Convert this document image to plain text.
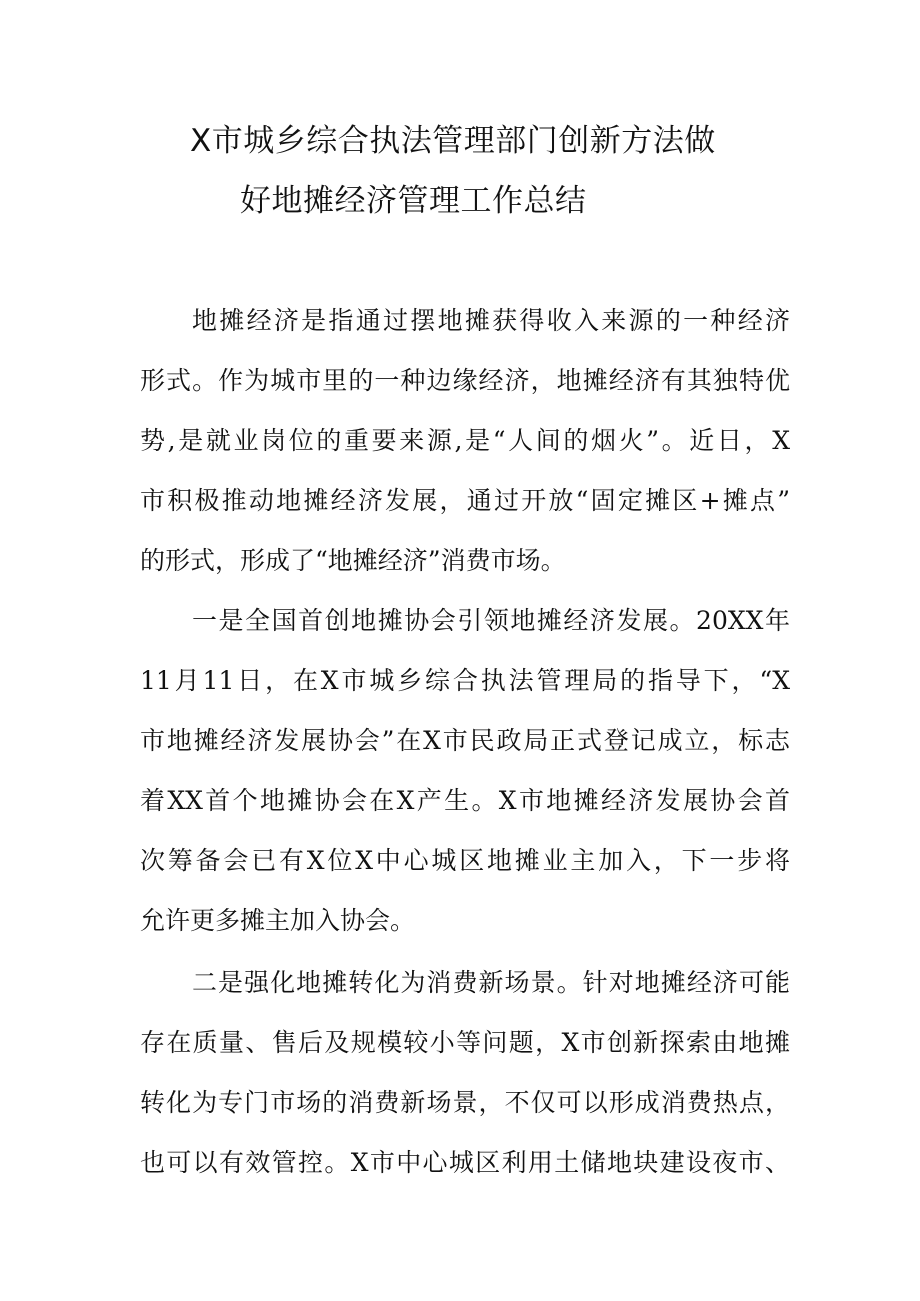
X市城乡综合执法管理部门创新方法做
好地摊经济管理工作总结
地摊经济是指通过摆地摊获得收入来源的一种经济
形式。作为城市里的一种边缘经济，地摊经济有其独特优
势,是就业岗位的重要来源,是“人间的烟火”。近日，X
市积极推动地摊经济发展，通过开放“固定摊区+摊点”
的形式，形成了“地摊经济”消费市场。
一是全国首创地摊协会引领地摊经济发展。20XX年
11月11日，在X市城乡综合执法管理局的指导下，“X
市地摊经济发展协会”在X市民政局正式登记成立，标志
着XX首个地摊协会在X产生。X市地摊经济发展协会首
次筹备会已有X位X中心城区地摊业主加入，下一步将
允许更多摊主加入协会。
二是强化地摊转化为消费新场景。针对地摊经济可能
存在质量、售后及规模较小等问题，X市创新探索由地摊
转化为专门市场的消费新场景，不仅可以形成消费热点，
也可以有效管控。X市中心城区利用土储地块建设夜市、
